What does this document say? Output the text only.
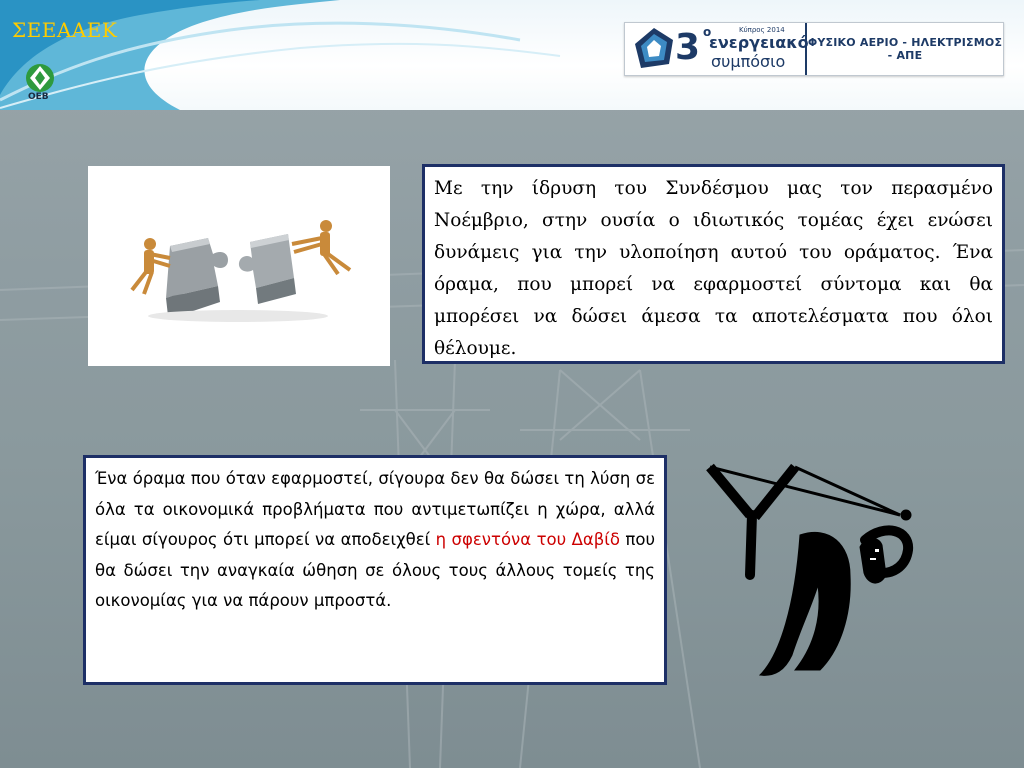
ΣΕΕΑΑΕΚ
OEB
3 ο	Κύπρος 2014
ενεργειακό
συμπόσιο
ΦΥΣΙΚΟ ΑΕΡΙΟ - ΗΛΕΚΤΡΙΣΜΟΣ - ΑΠΕ
Με την ίδρυση του Συνδέσμου μας τον περασμένο Νοέμβριο, στην ουσία ο ιδιωτικός τομέας έχει ενώσει δυνάμεις για την υλοποίηση αυτού του οράματος. Ένα όραμα, που μπορεί να εφαρμοστεί σύντομα και θα μπορέσει να δώσει άμεσα τα αποτελέσματα που όλοι θέλουμε.
Ένα όραμα που όταν εφαρμοστεί, σίγουρα δεν θα δώσει τη λύση σε όλα τα οικονομικά προβλήματα που αντιμετωπίζει η χώρα, αλλά είμαι σίγουρος ότι μπορεί να αποδειχθεί η σφεντόνα του Δαβίδ που θα δώσει την αναγκαία ώθηση σε όλους τους άλλους τομείς της οικονομίας για να πάρουν μπροστά.
